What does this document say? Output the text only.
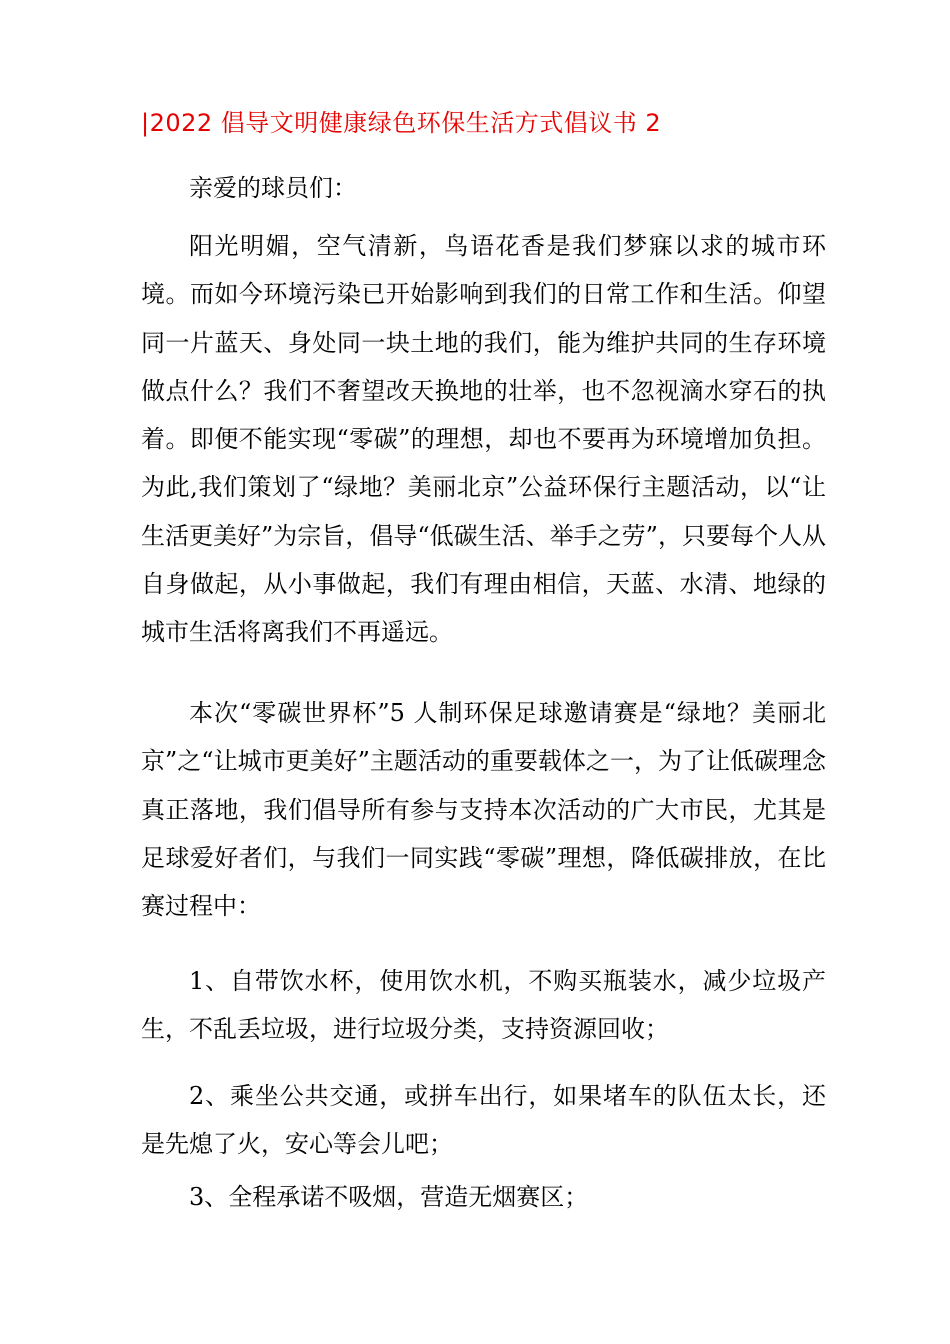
|2022 倡导文明健康绿色环保生活方式倡议书 2

亲爱的球员们：

阳光明媚，空气清新，鸟语花香是我们梦寐以求的城市环境。而如今环境污染已开始影响到我们的日常工作和生活。仰望同一片蓝天、身处同一块土地的我们，能为维护共同的生存环境做点什么？我们不奢望改天换地的壮举，也不忽视滴水穿石的执着。即便不能实现“零碳”的理想，却也不要再为环境增加负担。为此,我们策划了“绿地？美丽北京”公益环保行主题活动，以“让生活更美好”为宗旨，倡导“低碳生活、举手之劳”，只要每个人从自身做起，从小事做起，我们有理由相信，天蓝、水清、地绿的城市生活将离我们不再遥远。

本次“零碳世界杯”5 人制环保足球邀请赛是“绿地？美丽北京”之“让城市更美好”主题活动的重要载体之一，为了让低碳理念真正落地，我们倡导所有参与支持本次活动的广大市民，尤其是足球爱好者们，与我们一同实践“零碳”理想，降低碳排放，在比赛过程中：

1、自带饮水杯，使用饮水机，不购买瓶装水，减少垃圾产生，不乱丢垃圾，进行垃圾分类，支持资源回收；

2、乘坐公共交通，或拼车出行，如果堵车的队伍太长，还是先熄了火，安心等会儿吧；

3、全程承诺不吸烟，营造无烟赛区；
